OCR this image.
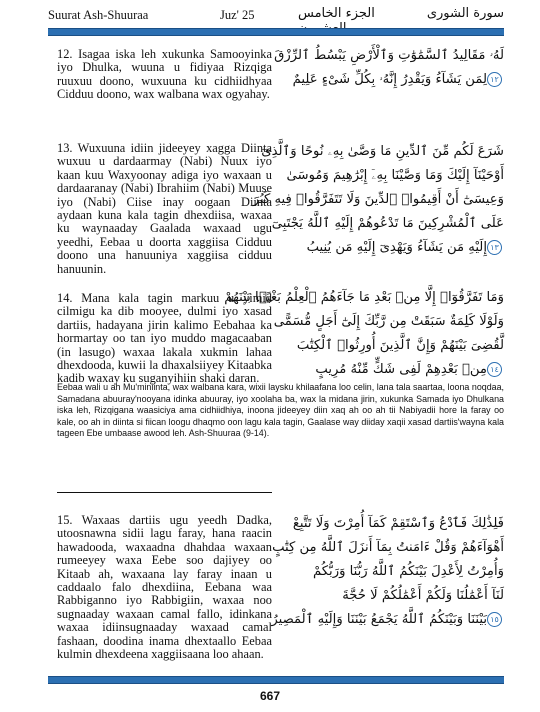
Suurat Ash-Shuuraa	Juz' 25	الجزء الخامس	سورة الشورى

12. Isagaa iska leh xukunka Samooyinka iyo Dhulka, wuuna u fidiyaa Rizqiga ruuxuu doono, wuxuuna ku cidhiidhyaa Cidduu doono, wax walbana wax ogyahay.

لَهُۥ مَقَالِيدُ ٱلسَّمَٰوَٰتِ وَٱلْأَرْضِ يَبْسُطُ ٱلرِّزْقَ
١٢لِمَن يَشَآءُ وَيَقْدِرُ إِنَّهُۥ بِكُلِّ شَىْءٍ عَلِيمٌ

13. Wuxuuna idiin jideeyey xagga Diinta wuxuu u dardaarmay (Nabi) Nuux iyo kaan kuu Waxyoonay adiga iyo waxaan u dardaaranay (Nabi) Ibrahiim (Nabi) Muuse iyo (Nabi) Ciise inay oogaan Diinta aydaan kuna kala tagin dhexdiisa, waxaa ku waynaaday Gaalada waxaad ugu yeedhi, Eebaa u doorta xaggiisa Cidduu doono una hanuuniya xaggiisa cidduu hanuunin.

شَرَعَ لَكُم مِّنَ ٱلدِّينِ مَا وَصَّىٰ بِهِۦ نُوحًا وَٱلَّذِىٓ
أَوْحَيْنَآ إِلَيْكَ وَمَا وَصَّيْنَا بِهِۦٓ إِبْرَٰهِيمَ وَمُوسَىٰ
وَعِيسَىٰٓ أَنْ أَقِيمُوا۟ ٱلدِّينَ وَلَا تَتَفَرَّقُوا۟ فِيهِ كَبُرَ
عَلَى ٱلْمُشْرِكِينَ مَا تَدْعُوهُمْ إِلَيْهِ ٱللَّهُ يَجْتَبِىٓ
١٣إِلَيْهِ مَن يَشَآءُ وَيَهْدِىٓ إِلَيْهِ مَن يُنِيبُ

14. Mana kala tagin markuu u yimid cilmigu ka dib mooyee, dulmi iyo xasad dartiis, hadayana jirin kalimo Eebahaa ka hormartay oo tan iyo muddo magacaaban (in lasugo) waxaa lakala xukmin lahaa dhexdooda, kuwii la dhaxalsiiyey Kitaabka kadib waxay ku suganyihiin shaki daran.

وَمَا تَفَرَّقُوٓا۟ إِلَّا مِنۢ بَعْدِ مَا جَآءَهُمُ ٱلْعِلْمُ بَغْيًۢا بَيْنَهُمْ
وَلَوْلَا كَلِمَةٌ سَبَقَتْ مِن رَّبِّكَ إِلَىٰٓ أَجَلٍ مُّسَمًّى
لَّقُضِىَ بَيْنَهُمْ وَإِنَّ ٱلَّذِينَ أُورِثُوا۟ ٱلْكِتَٰبَ
١٤مِنۢ بَعْدِهِمْ لَفِى شَكٍّ مِّنْهُ مُرِيبٍ

Eebaa wali u ah Mu'miniinta, wax walbana kara, wixii laysku khilaafana loo celin, lana tala saartaa, loona noqdaa, Samadana abuuray'nooyana idinka abuuray, iyo xoolaha ba, wax la midana jirin, xukunka Samada iyo Dhulkana iska leh, Rizqigana waasiciya ama cidhiidhiya, inoona jideeyey diin xaq ah oo ah tii Nabiyadii hore la faray oo kale, oo ah in diinta si fiican loogu dhaqmo oon lagu kala tagin, Gaalase way diiday xaqii xasad dartiis'wayna kala tageen Ebe umbaase awood leh. Ash-Shuuraa (9-14).

15. Waxaas dartiis ugu yeedh Dadka, utoosnawna sidii lagu faray, hana raacin hawadooda, waxaadna dhahdaa waxaan rumeeyey waxa Eebe soo dajiyey oo Kitaab ah, waxaana lay faray inaan u caddaalo falo dhexdiina, Eebana waa Rabbiganno iyo Rabbigiin, waxaa noo sugnaaday waxaan camal fallo, idinkana waxaa idiinsugnaaday waxaad camal fashaan, doodina inama dhextaallo Eebaa kulmin dhexdeena xaggiisaana loo ahaan.

فَلِذَٰلِكَ فَٱدْعُ وَٱسْتَقِمْ كَمَآ أُمِرْتَ وَلَا تَتَّبِعْ
أَهْوَآءَهُمْ وَقُلْ ءَامَنتُ بِمَآ أَنزَلَ ٱللَّهُ مِن كِتَٰبٍ
وَأُمِرْتُ لِأَعْدِلَ بَيْنَكُمُ ٱللَّهُ رَبُّنَا وَرَبُّكُمْ
لَنَآ أَعْمَٰلُنَا وَلَكُمْ أَعْمَٰلُكُمْ لَا حُجَّةَ
١٥بَيْنَنَا وَبَيْنَكُمُ ٱللَّهُ يَجْمَعُ بَيْنَنَا وَإِلَيْهِ ٱلْمَصِيرُ
667
